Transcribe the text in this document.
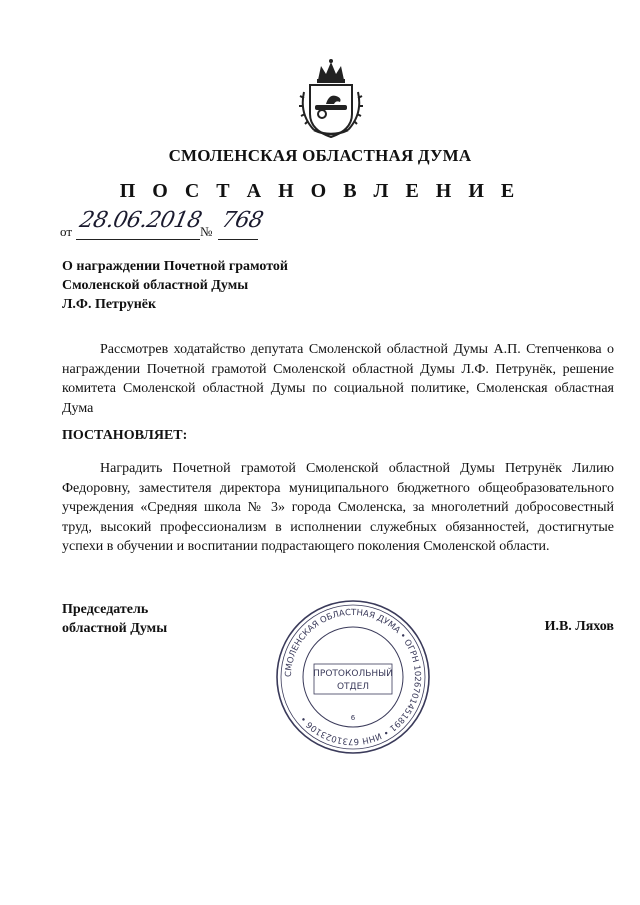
СМОЛЕНСКАЯ ОБЛАСТНАЯ ДУМА
П О С Т А Н О В Л Е Н И Е
от 28.06.2018
№ 768
О награждении Почетной грамотой
Смоленской областной Думы
Л.Ф. Петрунёк
Рассмотрев ходатайство депутата Смоленской областной Думы А.П. Степченкова о награждении Почетной грамотой Смоленской областной Думы Л.Ф. Петрунёк, решение комитета Смоленской областной Думы по социальной политике, Смоленская областная Дума
ПОСТАНОВЛЯЕТ:
Наградить Почетной грамотой Смоленской областной Думы Петрунёк Лилию Федоровну, заместителя директора муниципального бюджетного общеобразовательного учреждения «Средняя школа № 3» города Смоленска, за многолетний добросовестный труд, высокий профессионализм в исполнении служебных обязанностей, достигнутые успехи в обучении и воспитании подрастающего поколения Смоленской области.
Председатель
областной Думы	И.В. Ляхов
СМОЛЕНСКАЯ ОБЛАСТНАЯ ДУМА • ОГРН 1026701451891 • ИНН 6731023106 •
ПРОТОКОЛЬНЫЙ
ОТДЕЛ
6
